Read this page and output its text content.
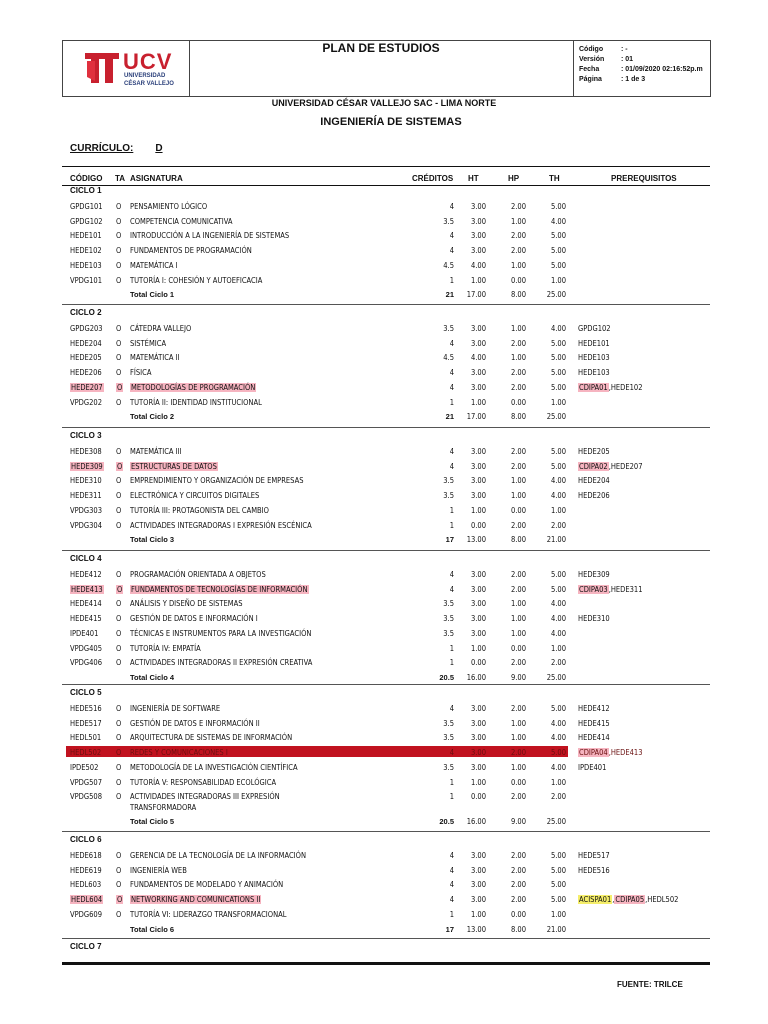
UCV
UNIVERSIDAD
CÉSAR VALLEJO
PLAN DE ESTUDIOS	Código	: -
Versión	: 01
Fecha	: 01/09/2020 02:16:52p.m
Página	: 1 de 3
UNIVERSIDAD CÉSAR VALLEJO SAC - LIMA NORTE
INGENIERÍA DE SISTEMAS
CURRÍCULO: D
CÓDIGO TA ASIGNATURA	CRÉDITOS HT	HP	TH	PREREQUISITOS
CICLO 1
GPDG101 O PENSAMIENTO LÓGICO	4	3.00	2.00	5.00
GPDG102 O COMPETENCIA COMUNICATIVA	3.5	3.00	1.00	4.00
HEDE101 O INTRODUCCIÓN A LA INGENIERÍA DE SISTEMAS	4	3.00	2.00	5.00
HEDE102 O FUNDAMENTOS DE PROGRAMACIÓN	4	3.00	2.00	5.00
HEDE103 O MATEMÁTICA I	4.5	4.00	1.00	5.00
VPDG101 O TUTORÍA I: COHESIÓN Y AUTOEFICACIA	1	1.00	0.00	1.00
Total Ciclo 1	21	17.00	8.00	25.00
CICLO 2
GPDG203 O CÁTEDRA VALLEJO	3.5	3.00	1.00	4.00 GPDG102
HEDE204 O SISTÉMICA	4	3.00	2.00	5.00 HEDE101
HEDE205 O MATEMÁTICA II	4.5	4.00	1.00	5.00 HEDE103
HEDE206 O FÍSICA	4	3.00	2.00	5.00 HEDE103
HEDE207 O METODOLOGÍAS DE PROGRAMACIÓN	4	3.00	2.00	5.00 CDIPA01,HEDE102
VPDG202 O TUTORÍA II: IDENTIDAD INSTITUCIONAL	1	1.00	0.00	1.00
Total Ciclo 2	21	17.00	8.00	25.00
CICLO 3
HEDE308 O MATEMÁTICA III	4	3.00	2.00	5.00 HEDE205
HEDE309 O ESTRUCTURAS DE DATOS	4	3.00	2.00	5.00 CDIPA02,HEDE207
HEDE310 O EMPRENDIMIENTO Y ORGANIZACIÓN DE EMPRESAS	3.5	3.00	1.00	4.00 HEDE204
HEDE311 O ELECTRÓNICA Y CIRCUITOS DIGITALES	3.5	3.00	1.00	4.00 HEDE206
VPDG303 O TUTORÍA III: PROTAGONISTA DEL CAMBIO	1	1.00	0.00	1.00
VPDG304 O ACTIVIDADES INTEGRADORAS I EXPRESIÓN ESCÉNICA	1	0.00	2.00	2.00
Total Ciclo 3	17	13.00	8.00	21.00
CICLO 4
HEDE412 O PROGRAMACIÓN ORIENTADA A OBJETOS	4	3.00	2.00	5.00 HEDE309
HEDE413 O FUNDAMENTOS DE TECNOLOGÍAS DE INFORMACIÓN	4	3.00	2.00	5.00 CDIPA03,HEDE311
HEDE414 O ANÁLISIS Y DISEÑO DE SISTEMAS	3.5	3.00	1.00	4.00
HEDE415 O GESTIÓN DE DATOS E INFORMACIÓN I	3.5	3.00	1.00	4.00 HEDE310
IPDE401 O TÉCNICAS E INSTRUMENTOS PARA LA INVESTIGACIÓN	3.5	3.00	1.00	4.00
VPDG405 O TUTORÍA IV: EMPATÍA	1	1.00	0.00	1.00
VPDG406 O ACTIVIDADES INTEGRADORAS II EXPRESIÓN CREATIVA	1	0.00	2.00	2.00
Total Ciclo 4	20.5	16.00	9.00	25.00
CICLO 5
HEDE516 O INGENIERÍA DE SOFTWARE	4	3.00	2.00	5.00 HEDE412
HEDE517 O GESTIÓN DE DATOS E INFORMACIÓN II	3.5	3.00	1.00	4.00 HEDE415
HEDL501 O ARQUITECTURA DE SISTEMAS DE INFORMACIÓN	3.5	3.00	1.00	4.00 HEDE414
HEDL502 O REDES Y COMUNICACIONES I	4	3.00	2.00	5.00 CDIPA04,HEDE413
IPDE502 O METODOLOGÍA DE LA INVESTIGACIÓN CIENTÍFICA	3.5	3.00	1.00	4.00 IPDE401
VPDG507 O TUTORÍA V: RESPONSABILIDAD ECOLÓGICA	1	1.00	0.00	1.00
VPDG508 O ACTIVIDADES INTEGRADORAS III EXPRESIÓN
TRANSFORMADORA
1	0.00	2.00	2.00
Total Ciclo 5	20.5	16.00	9.00	25.00
CICLO 6
HEDE618 O GERENCIA DE LA TECNOLOGÍA DE LA INFORMACIÓN	4	3.00	2.00	5.00 HEDE517
HEDE619 O INGENIERÍA WEB	4	3.00	2.00	5.00 HEDE516
HEDL603 O FUNDAMENTOS DE MODELADO Y ANIMACIÓN	4	3.00	2.00	5.00
HEDL604 O NETWORKING AND COMUNICATIONS II	4	3.00	2.00	5.00 ACISPA01 CDIPA05,HEDL502
VPDG609 O TUTORÍA VI: LIDERAZGO TRANSFORMACIONAL	1	1.00	0.00	1.00
Total Ciclo 6	17	13.00	8.00	21.00
CICLO 7
FUENTE: TRILCE
